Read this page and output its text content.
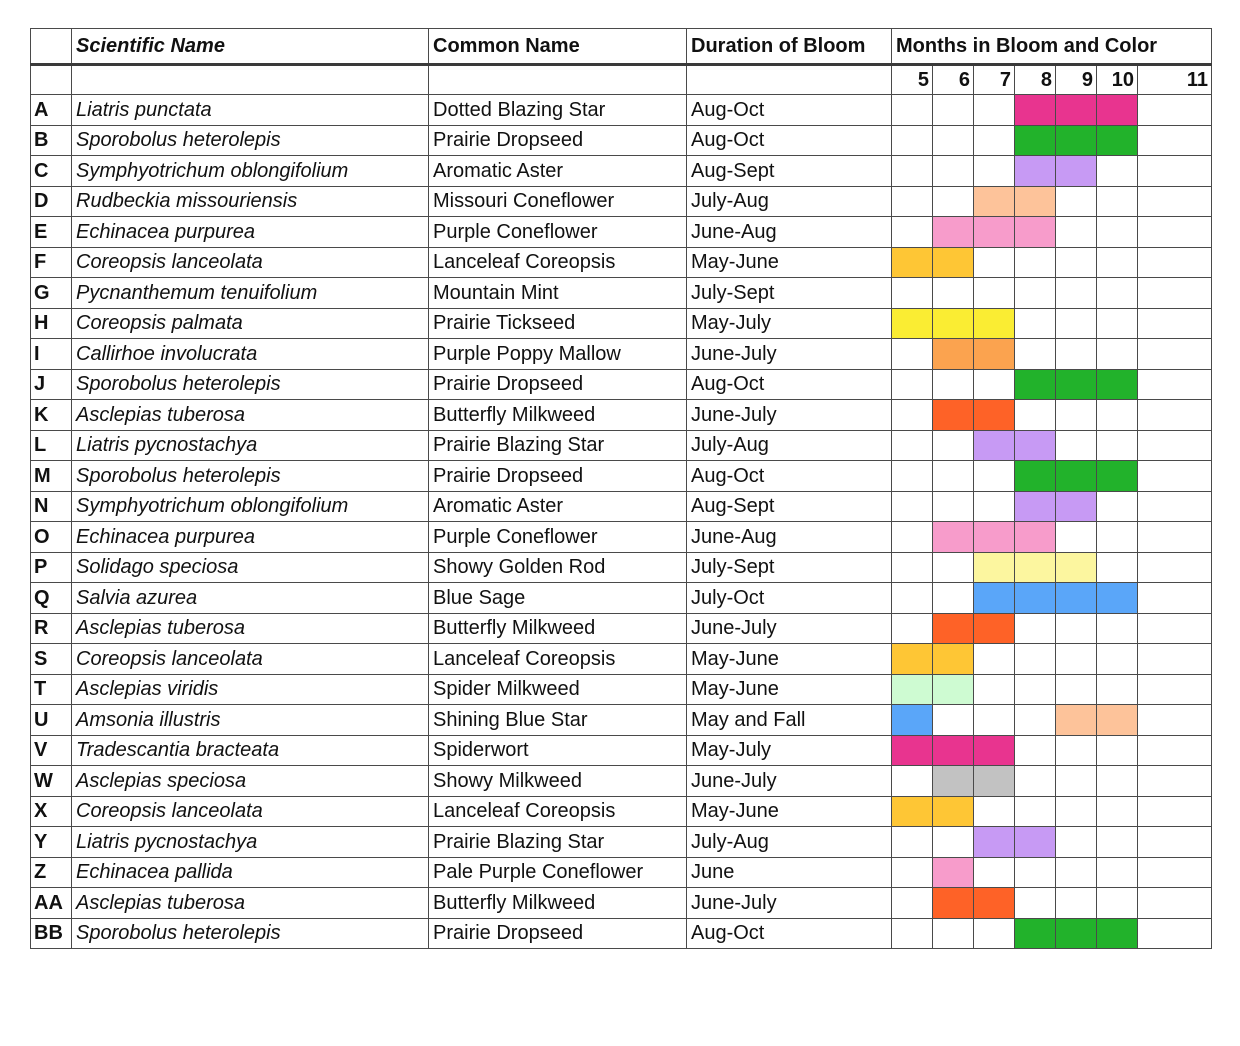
	Scientific Name	Common Name	Duration of Bloom	Months in Bloom and Color						
				5	6	7	8	9	10	11
A	Liatris punctata	Dotted Blazing Star	Aug-Oct							
B	Sporobolus heterolepis	Prairie Dropseed	Aug-Oct							
C	Symphyotrichum oblongifolium	Aromatic Aster	Aug-Sept							
D	Rudbeckia missouriensis	Missouri Coneflower	July-Aug							
E	Echinacea purpurea	Purple Coneflower	June-Aug							
F	Coreopsis lanceolata	Lanceleaf Coreopsis	May-June							
G	Pycnanthemum tenuifolium	Mountain Mint	July-Sept							
H	Coreopsis palmata	Prairie Tickseed	May-July							
I	Callirhoe involucrata	Purple Poppy Mallow	June-July							
J	Sporobolus heterolepis	Prairie Dropseed	Aug-Oct							
K	Asclepias tuberosa	Butterfly Milkweed	June-July							
L	Liatris pycnostachya	Prairie Blazing Star	July-Aug							
M	Sporobolus heterolepis	Prairie Dropseed	Aug-Oct							
N	Symphyotrichum oblongifolium	Aromatic Aster	Aug-Sept							
O	Echinacea purpurea	Purple Coneflower	June-Aug							
P	Solidago speciosa	Showy Golden Rod	July-Sept							
Q	Salvia azurea	Blue Sage	July-Oct							
R	Asclepias tuberosa	Butterfly Milkweed	June-July							
S	Coreopsis lanceolata	Lanceleaf Coreopsis	May-June							
T	Asclepias viridis	Spider Milkweed	May-June							
U	Amsonia illustris	Shining Blue Star	May and Fall							
V	Tradescantia bracteata	Spiderwort	May-July							
W	Asclepias speciosa	Showy Milkweed	June-July							
X	Coreopsis lanceolata	Lanceleaf Coreopsis	May-June							
Y	Liatris pycnostachya	Prairie Blazing Star	July-Aug							
Z	Echinacea pallida	Pale Purple Coneflower	June							
AA	Asclepias tuberosa	Butterfly Milkweed	June-July							
BB	Sporobolus heterolepis	Prairie Dropseed	Aug-Oct							
